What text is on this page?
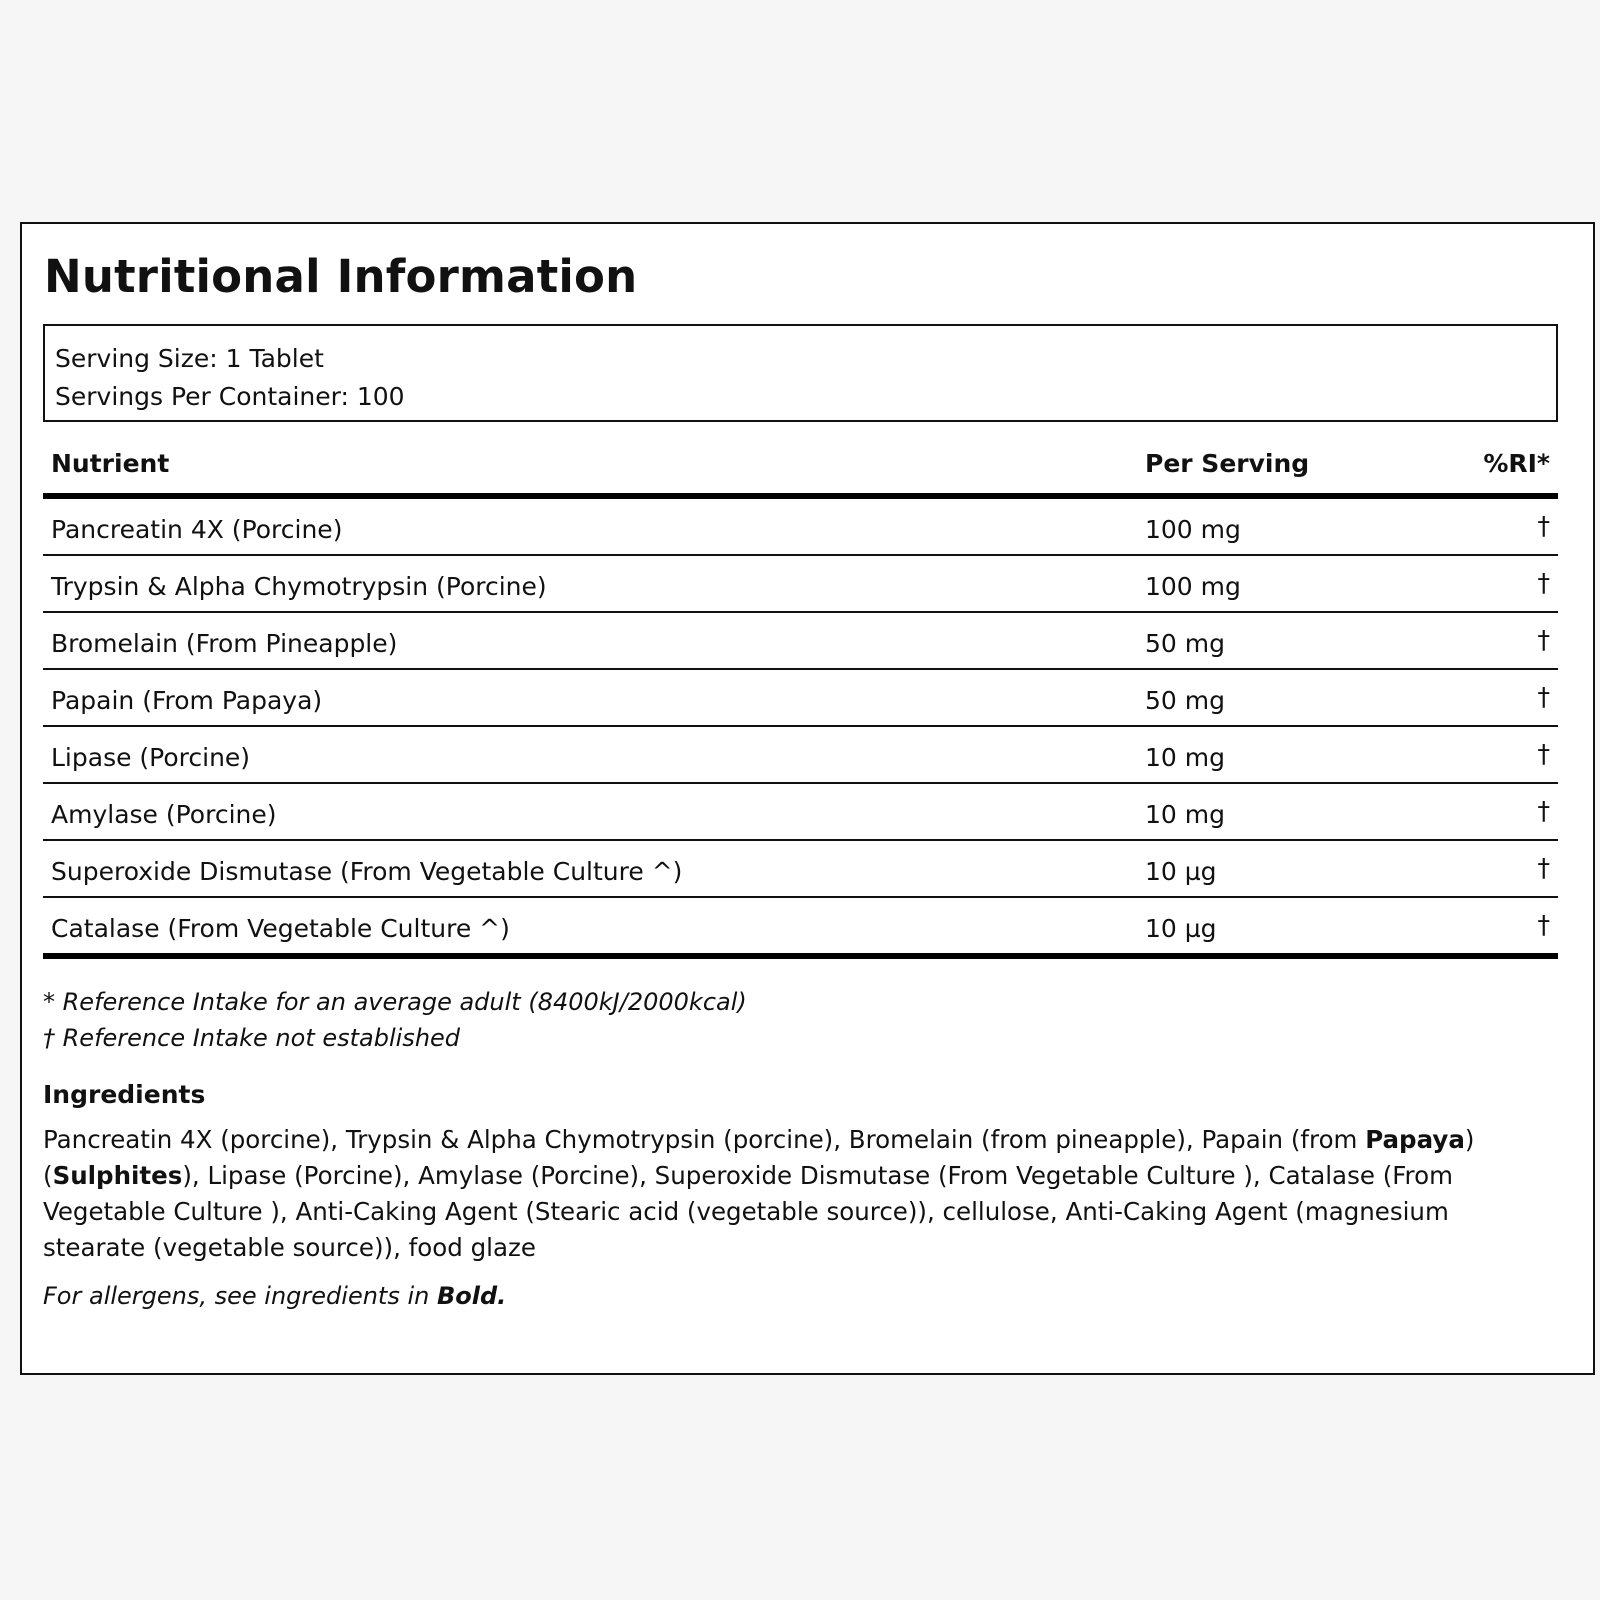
Nutritional Information
Serving Size: 1 Tablet
Servings Per Container: 100
Nutrient	Per Serving	%RI*
Pancreatin 4X (Porcine)	100 mg	†
Trypsin & Alpha Chymotrypsin (Porcine)	100 mg	†
Bromelain (From Pineapple)	50 mg	†
Papain (From Papaya)	50 mg	†
Lipase (Porcine)	10 mg	†
Amylase (Porcine)	10 mg	†
Superoxide Dismutase (From Vegetable Culture ^)	10 µg	†
Catalase (From Vegetable Culture ^)	10 µg	†
* Reference Intake for an average adult (8400kJ/2000kcal)
† Reference Intake not established
Ingredients

Pancreatin 4X (porcine), Trypsin & Alpha Chymotrypsin (porcine), Bromelain (from pineapple), Papain (from Papaya) (Sulphites), Lipase (Porcine), Amylase (Porcine), Superoxide Dismutase (From Vegetable Culture ), Catalase (From Vegetable Culture ), Anti-Caking Agent (Stearic acid (vegetable source)), cellulose, Anti-Caking Agent (magnesium stearate (vegetable source)), food glaze

For allergens, see ingredients in Bold.
